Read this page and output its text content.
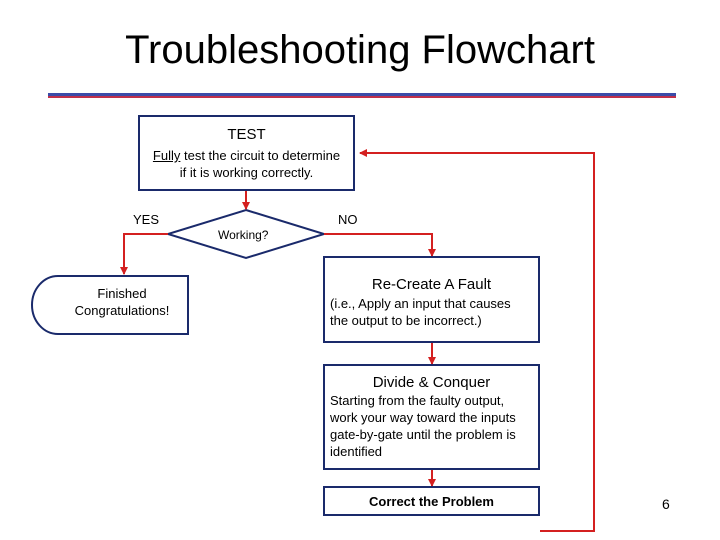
Troubleshooting Flowchart
TEST
Fully test the circuit to determine
if it is working correctly.
YES	NO
Working?
Finished
Congratulations!
Re-Create A Fault
(i.e., Apply an input that causes
the output to be incorrect.)
Divide & Conquer
Starting from the faulty output,
work your way toward the inputs
gate-by-gate until the problem is
identified
Correct the Problem	6
